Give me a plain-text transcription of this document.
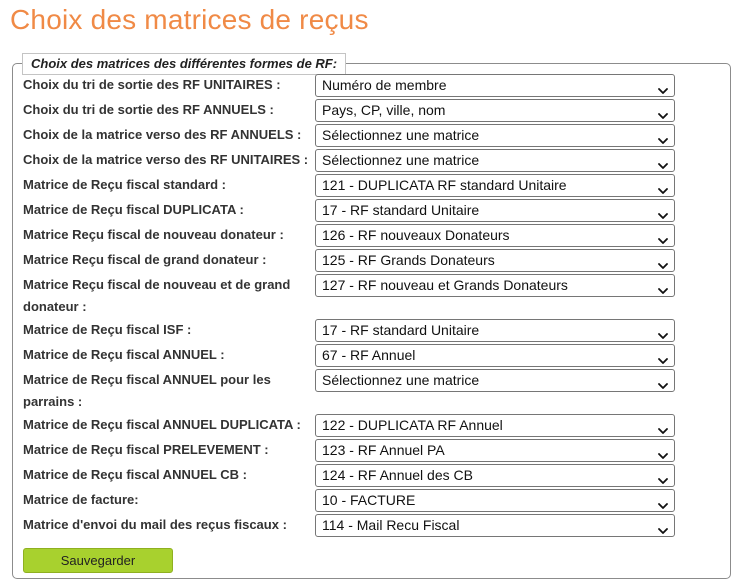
Choix des matrices de reçus
Choix des matrices des différentes formes de RF:
Choix du tri de sortie des RF UNITAIRES :	Numéro de membre
Choix du tri de sortie des RF ANNUELS :	Pays, CP, ville, nom
Choix de la matrice verso des RF ANNUELS :	Sélectionnez une matrice
Choix de la matrice verso des RF UNITAIRES : Sélectionnez une matrice
Matrice de Reçu fiscal standard :	121 - DUPLICATA RF standard Unitaire
Matrice de Reçu fiscal DUPLICATA :	17 - RF standard Unitaire
Matrice Reçu fiscal de nouveau donateur :	126 - RF nouveaux Donateurs
Matrice Reçu fiscal de grand donateur :	125 - RF Grands Donateurs
Matrice Reçu fiscal de nouveau et de grand donateur :
127 - RF nouveau et Grands Donateurs
Matrice de Reçu fiscal ISF :	17 - RF standard Unitaire
Matrice de Reçu fiscal ANNUEL :	67 - RF Annuel
Matrice de Reçu fiscal ANNUEL pour les parrains :
Sélectionnez une matrice
Matrice de Reçu fiscal ANNUEL DUPLICATA :	122 - DUPLICATA RF Annuel
Matrice de Reçu fiscal PRELEVEMENT :	123 - RF Annuel PA
Matrice de Reçu fiscal ANNUEL CB :	124 - RF Annuel des CB
Matrice de facture:	10 - FACTURE
Matrice d'envoi du mail des reçus fiscaux :	114 - Mail Recu Fiscal
Sauvegarder
